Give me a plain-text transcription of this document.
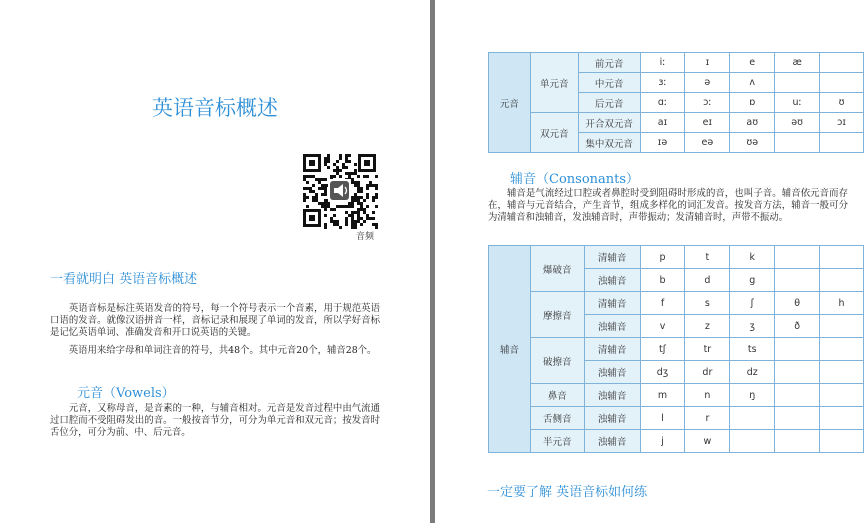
英语音标概述
音频
一看就明白 英语音标概述
　　英语音标是标注英语发音的符号，每一个符号表示一个音素，用于规范英语口语的发音。就像汉语拼音一样，音标记录和展现了单词的发音，所以学好音标是记忆英语单词、准确发音和开口说英语的关键。
　　英语用来给字母和单词注音的符号，共48个。其中元音20个，辅音28个。
元音（Vowels）
　　元音，又称母音，是音素的一种，与辅音相对。元音是发音过程中由气流通过口腔而不受阻碍发出的音。一般按音节分，可分为单元音和双元音；按发音时舌位分，可分为前、中、后元音。
元音	单元音	前元音	iː	ɪ	e	æ	
		中元音	ɜː	ə	ʌ		
		后元音	ɑː	ɔː	ɒ	uː	ʊ
	双元音	开合双元音	aɪ	eɪ	aʊ	əʊ	ɔɪ
		集中双元音	ɪə	eə	ʊə		
辅音（Consonants）
　　辅音是气流经过口腔或者鼻腔时受到阻碍时形成的音，也叫子音。辅音依元音而存在，辅音与元音结合，产生音节，组成多样化的词汇发音。按发音方法，辅音一般可分为清辅音和浊辅音，发浊辅音时，声带振动；发清辅音时，声带不振动。
辅音	爆破音	清辅音	p	t	k		
		浊辅音	b	d	g		
	摩擦音	清辅音	f	s	ʃ	θ	h
		浊辅音	v	z	ʒ	ð	
	破擦音	清辅音	tʃ	tr	ts		
		浊辅音	dʒ	dr	dz		
	鼻音	浊辅音	m	n	ŋ		
	舌侧音	浊辅音	l	r			
	半元音	浊辅音	j	w			
一定要了解 英语音标如何练
